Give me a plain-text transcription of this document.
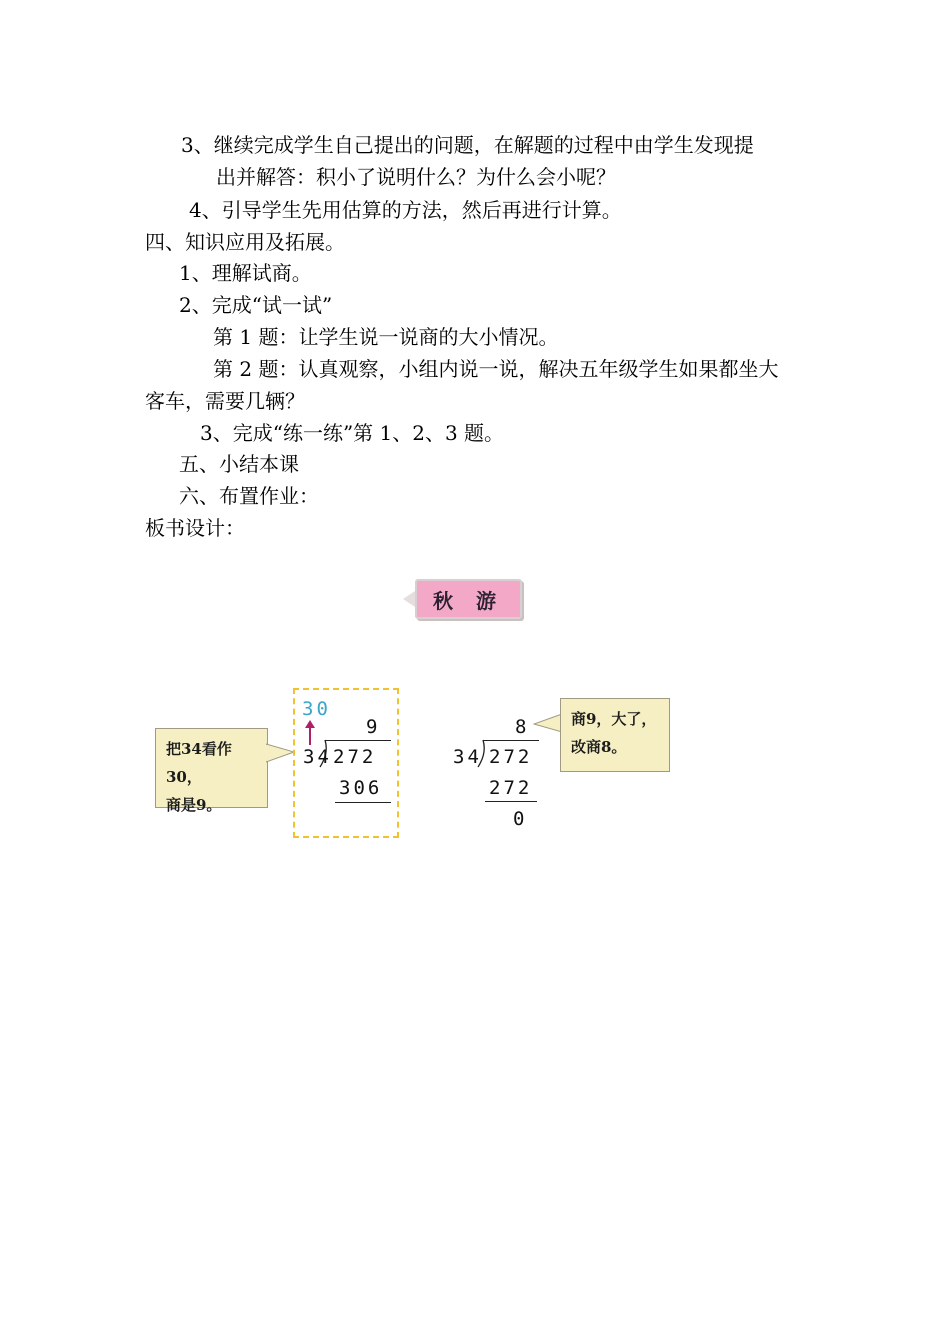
3、继续完成学生自己提出的问题，在解题的过程中由学生发现提
出并解答：积小了说明什么？为什么会小呢？
4、引导学生先用估算的方法，然后再进行计算。
四、知识应用及拓展。
1、理解试商。
2、完成“试一试”
第 1 题：让学生说一说商的大小情况。
第 2 题：认真观察，小组内说一说，解决五年级学生如果都坐大
客车，需要几辆？
3、完成“练一练”第 1、2、3 题。
五、小结本课
六、布置作业：
板书设计：
秋 游
把34看作30，
商是9。
30
9
34 272
306
8
34 272
272
0
商9，大了，
改商8。
